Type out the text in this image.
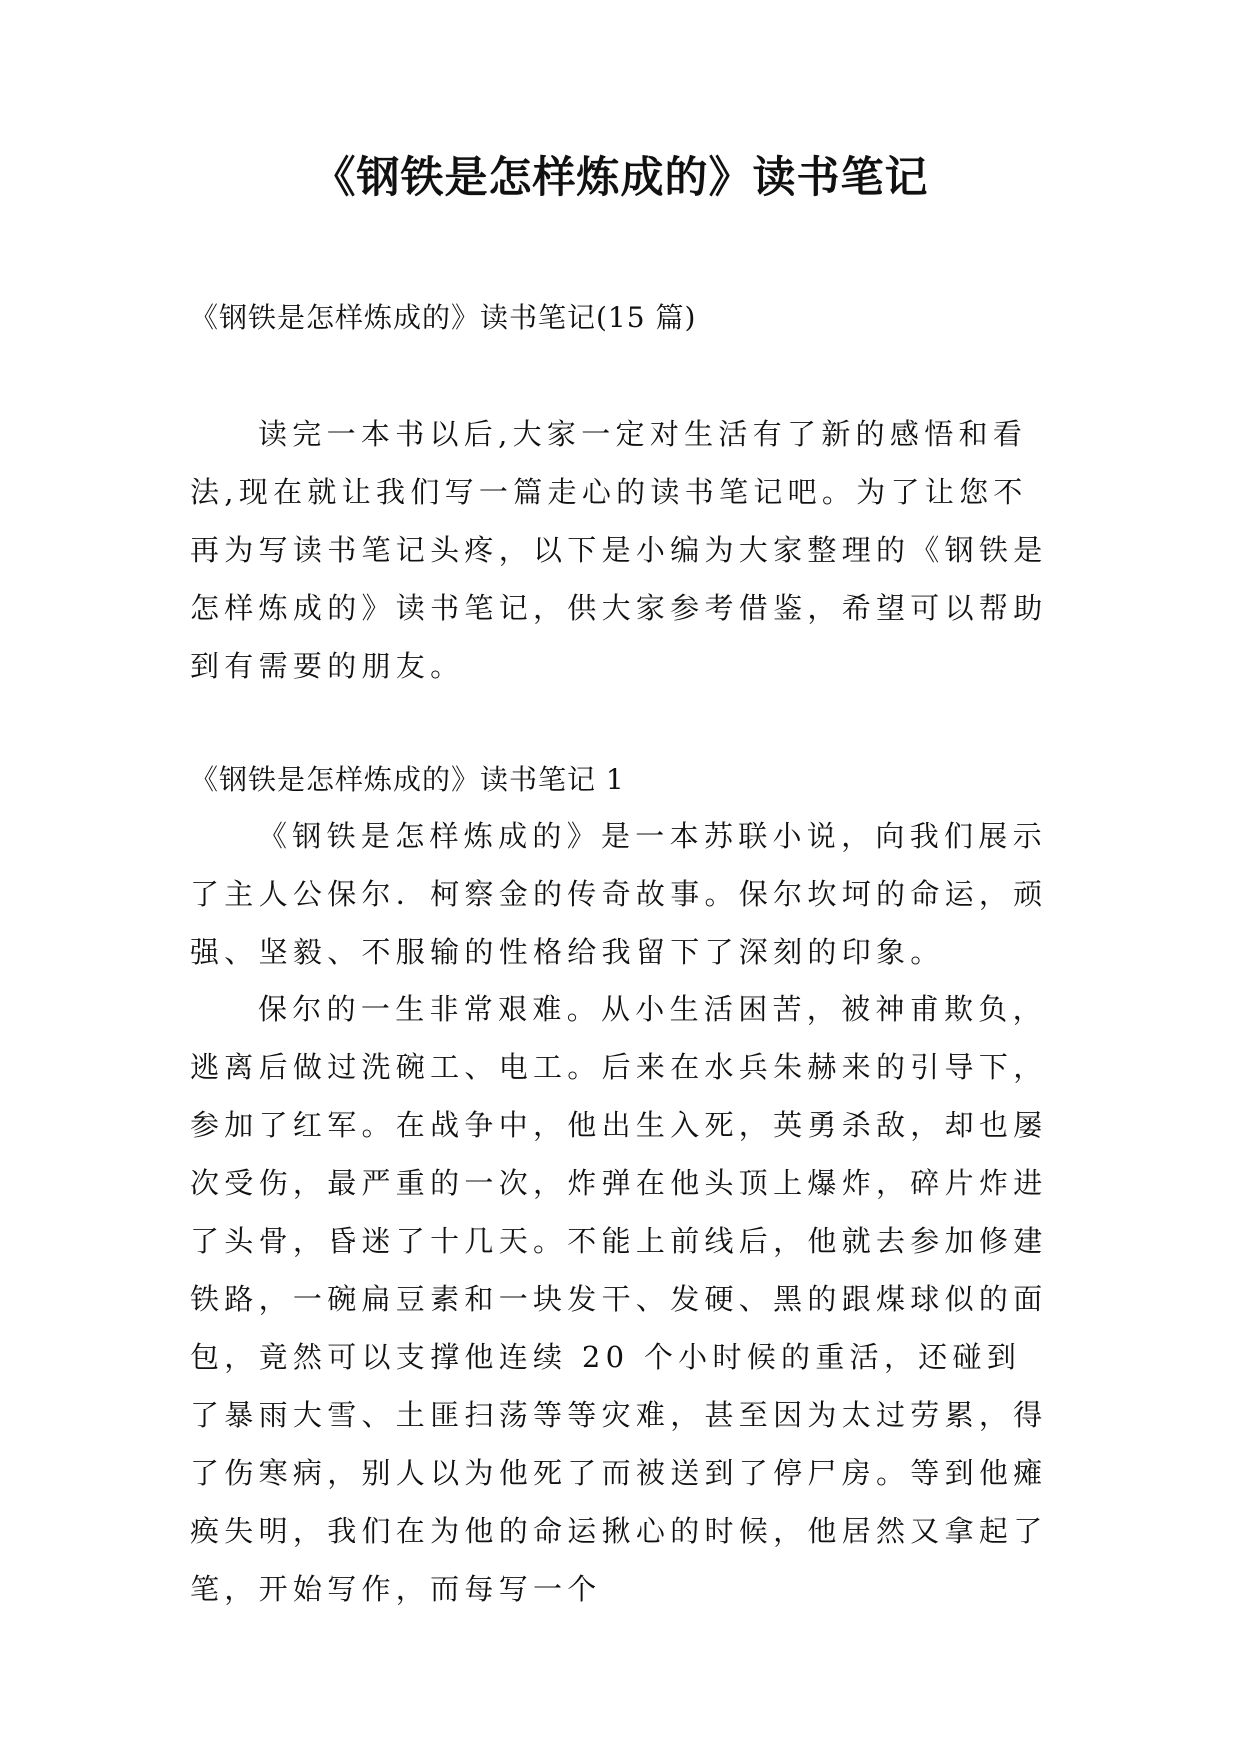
《钢铁是怎样炼成的》读书笔记

《钢铁是怎样炼成的》读书笔记(15 篇)

读完一本书以后,大家一定对生活有了新的感悟和看法,现在就让我们写一篇走心的读书笔记吧。为了让您不再为写读书笔记头疼，以下是小编为大家整理的《钢铁是怎样炼成的》读书笔记，供大家参考借鉴，希望可以帮助到有需要的朋友。

《钢铁是怎样炼成的》读书笔记 1

《钢铁是怎样炼成的》是一本苏联小说，向我们展示了主人公保尔．柯察金的传奇故事。保尔坎坷的命运，顽强、坚毅、不服输的性格给我留下了深刻的印象。

保尔的一生非常艰难。从小生活困苦，被神甫欺负，逃离后做过洗碗工、电工。后来在水兵朱赫来的引导下，参加了红军。在战争中，他出生入死，英勇杀敌，却也屡次受伤，最严重的一次，炸弹在他头顶上爆炸，碎片炸进了头骨，昏迷了十几天。不能上前线后，他就去参加修建铁路，一碗扁豆素和一块发干、发硬、黑的跟煤球似的面包，竟然可以支撑他连续 20 个小时候的重活，还碰到了暴雨大雪、土匪扫荡等等灾难，甚至因为太过劳累，得了伤寒病，别人以为他死了而被送到了停尸房。等到他瘫痪失明，我们在为他的命运揪心的时候，他居然又拿起了笔，开始写作，而每写一个
